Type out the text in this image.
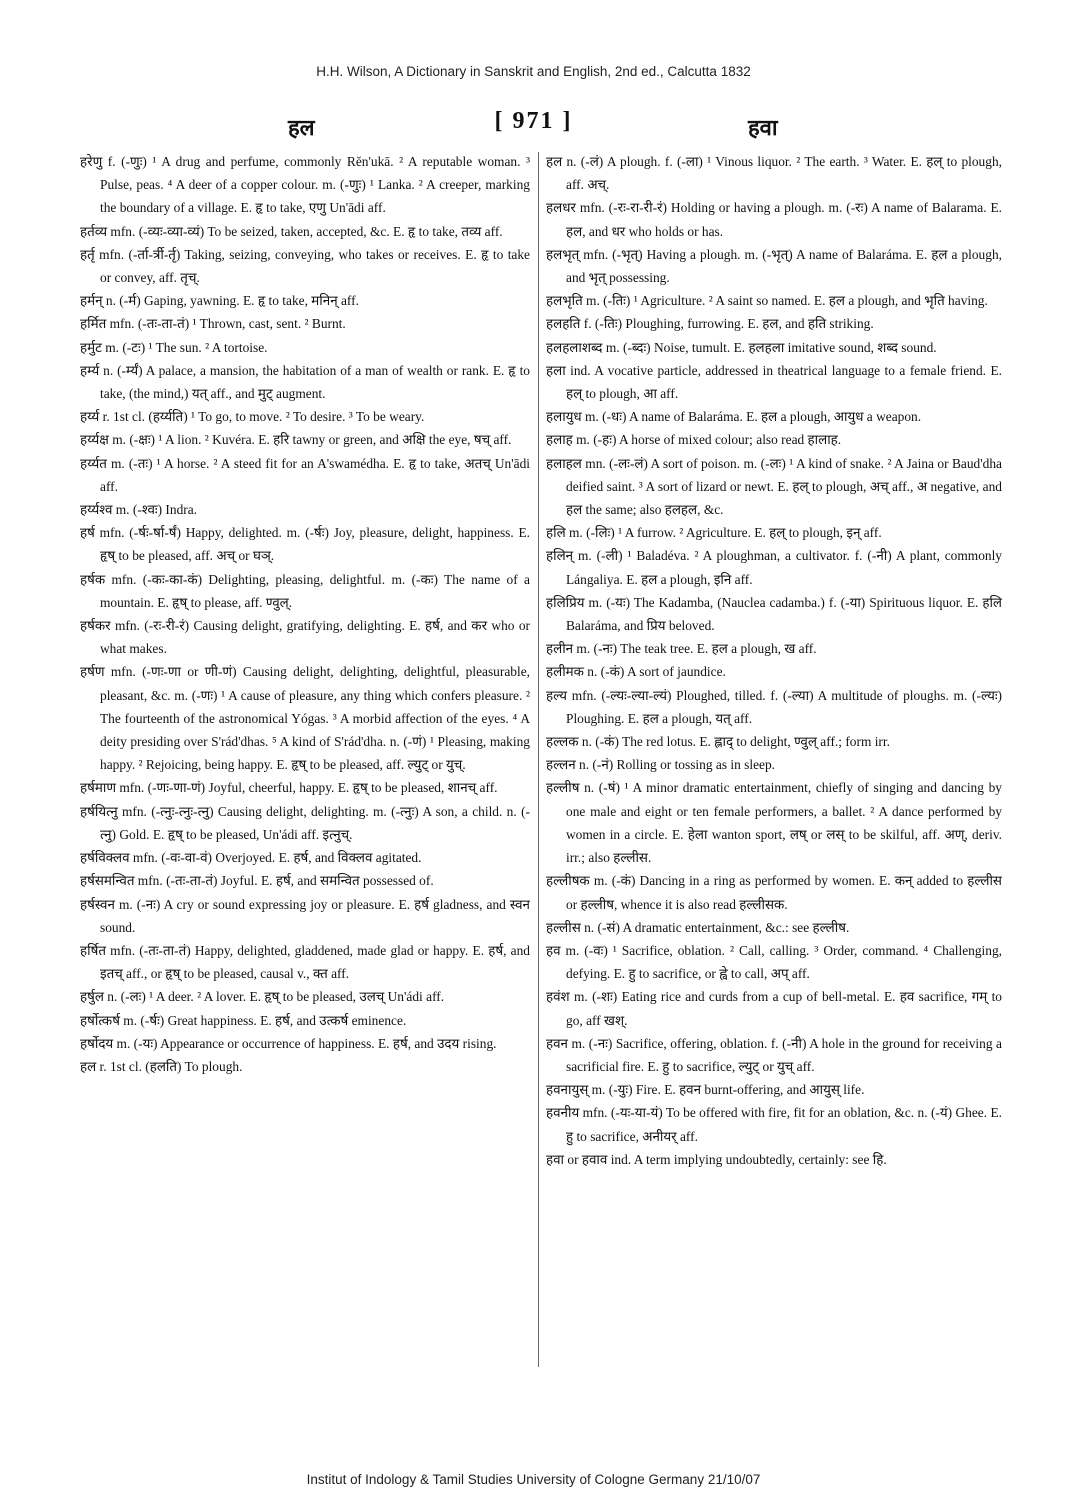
H.H. Wilson, A Dictionary in Sanskrit and English, 2nd ed., Calcutta 1832
हल	[ 971 ]	हवा

हरेणु f. (-णुः) ¹ A drug and perfume, commonly Rĕn'ukā. ² A reputable woman. ³ Pulse, peas. ⁴ A deer of a copper colour. m. (-णुः) ¹ Lanka. ² A creeper, marking the boundary of a village. E. हृ to take, एणु Un'ādi aff.

हर्तव्य mfn. (-व्यः-व्या-व्यं) To be seized, taken, accepted, &c. E. हृ to take, तव्य aff.

हर्तृ mfn. (-र्ता-र्त्री-र्तृ) Taking, seizing, conveying, who takes or receives. E. हृ to take or convey, aff. तृच्.

हर्मन् n. (-र्म) Gaping, yawning. E. हृ to take, मनिन् aff.

हर्मित mfn. (-तः-ता-तं) ¹ Thrown, cast, sent. ² Burnt.

हर्मुट m. (-टः) ¹ The sun. ² A tortoise.

हर्म्य n. (-र्म्यं) A palace, a mansion, the habitation of a man of wealth or rank. E. हृ to take, (the mind,) यत् aff., and मुट् augment.

हर्य्य r. 1st cl. (हर्य्यति) ¹ To go, to move. ² To desire. ³ To be weary.

हर्य्यक्ष m. (-क्षः) ¹ A lion. ² Kuvéra. E. हरि tawny or green, and अक्षि the eye, षच् aff.

हर्य्यत m. (-तः) ¹ A horse. ² A steed fit for an A'swamédha. E. हृ to take, अतच् Un'ādi aff.

हर्य्यश्व m. (-श्वः) Indra.

हर्ष mfn. (-र्षः-र्षा-र्षं) Happy, delighted. m. (-र्षः) Joy, pleasure, delight, happiness. E. हृष् to be pleased, aff. अच् or घञ्.

हर्षक mfn. (-कः-का-कं) Delighting, pleasing, delightful. m. (-कः) The name of a mountain. E. हृष् to please, aff. ण्वुल्.

हर्षकर mfn. (-रः-री-रं) Causing delight, gratifying, delighting. E. हर्ष, and कर who or what makes.

हर्षण mfn. (-णः-णा or णी-णं) Causing delight, delighting, delightful, pleasurable, pleasant, &c. m. (-णः) ¹ A cause of pleasure, any thing which confers pleasure. ² The fourteenth of the astronomical Yógas. ³ A morbid affection of the eyes. ⁴ A deity presiding over S'rád'dhas. ⁵ A kind of S'rád'dha. n. (-णं) ¹ Pleasing, making happy. ² Rejoicing, being happy. E. हृष् to be pleased, aff. ल्युट् or युच्.

हर्षमाण mfn. (-णः-णा-णं) Joyful, cheerful, happy. E. हृष् to be pleased, शानच् aff.

हर्षयित्नु mfn. (-त्नुः-त्नुः-त्नु) Causing delight, delighting. m. (-त्नुः) A son, a child. n. (-त्नु) Gold. E. हृष् to be pleased, Un'ádi aff. इत्नुच्.

हर्षविक्लव mfn. (-वः-वा-वं) Overjoyed. E. हर्ष, and विक्लव agitated.

हर्षसमन्वित mfn. (-तः-ता-तं) Joyful. E. हर्ष, and समन्वित possessed of.

हर्षस्वन m. (-नः) A cry or sound expressing joy or pleasure. E. हर्ष gladness, and स्वन sound.

हर्षित mfn. (-तः-ता-तं) Happy, delighted, gladdened, made glad or happy. E. हर्ष, and इतच् aff., or हृष् to be pleased, causal v., क्त aff.

हर्षुल n. (-लः) ¹ A deer. ² A lover. E. हृष् to be pleased, उलच् Un'ádi aff.

हर्षोत्कर्ष m. (-र्षः) Great happiness. E. हर्ष, and उत्कर्ष eminence.

हर्षोदय m. (-यः) Appearance or occurrence of happiness. E. हर्ष, and उदय rising.

हल r. 1st cl. (हलति) To plough.

हल n. (-लं) A plough. f. (-ला) ¹ Vinous liquor. ² The earth. ³ Water. E. हल् to plough, aff. अच्.

हलधर mfn. (-रः-रा-री-रं) Holding or having a plough. m. (-रः) A name of Balarama. E. हल, and धर who holds or has.

हलभृत् mfn. (-भृत्) Having a plough. m. (-भृत्) A name of Balaráma. E. हल a plough, and भृत् possessing.

हलभृति m. (-तिः) ¹ Agriculture. ² A saint so named. E. हल a plough, and भृति having.

हलहति f. (-तिः) Ploughing, furrowing. E. हल, and हति striking.

हलहलाशब्द m. (-ब्दः) Noise, tumult. E. हलहला imitative sound, शब्द sound.

हला ind. A vocative particle, addressed in theatrical language to a female friend. E. हल् to plough, आ aff.

हलायुध m. (-धः) A name of Balaráma. E. हल a plough, आयुध a weapon.

हलाह m. (-हः) A horse of mixed colour; also read हालाह.

हलाहल mn. (-लः-लं) A sort of poison. m. (-लः) ¹ A kind of snake. ² A Jaina or Baud'dha deified saint. ³ A sort of lizard or newt. E. हल् to plough, अच् aff., अ negative, and हल the same; also हलहल, &c.

हलि m. (-लिः) ¹ A furrow. ² Agriculture. E. हल् to plough, इन् aff.

हलिन् m. (-ली) ¹ Baladéva. ² A ploughman, a cultivator. f. (-नी) A plant, commonly Lángaliya. E. हल a plough, इनि aff.

हलिप्रिय m. (-यः) The Kadamba, (Nauclea cadamba.) f. (-या) Spirituous liquor. E. हलि Balaráma, and प्रिय beloved.

हलीन m. (-नः) The teak tree. E. हल a plough, ख aff.

हलीमक n. (-कं) A sort of jaundice.

हल्य mfn. (-ल्यः-ल्या-ल्यं) Ploughed, tilled. f. (-ल्या) A multitude of ploughs. m. (-ल्यः) Ploughing. E. हल a plough, यत् aff.

हल्लक n. (-कं) The red lotus. E. ह्लाद् to delight, ण्वुल् aff.; form irr.

हल्लन n. (-नं) Rolling or tossing as in sleep.

हल्लीष n. (-षं) ¹ A minor dramatic entertainment, chiefly of singing and dancing by one male and eight or ten female performers, a ballet. ² A dance performed by women in a circle. E. हेला wanton sport, लष् or लस् to be skilful, aff. अण्, deriv. irr.; also हल्लीस.

हल्लीषक m. (-कं) Dancing in a ring as performed by women. E. कन् added to हल्लीस or हल्लीष, whence it is also read हल्लीसक.

हल्लीस n. (-सं) A dramatic entertainment, &c.: see हल्लीष.

हव m. (-वः) ¹ Sacrifice, oblation. ² Call, calling. ³ Order, command. ⁴ Challenging, defying. E. हु to sacrifice, or ह्वे to call, अप् aff.

हवंश m. (-शः) Eating rice and curds from a cup of bell-metal. E. हव sacrifice, गम् to go, aff खश्.

हवन m. (-नः) Sacrifice, offering, oblation. f. (-नी) A hole in the ground for receiving a sacrificial fire. E. हु to sacrifice, ल्युट् or युच् aff.

हवनायुस् m. (-युः) Fire. E. हवन burnt-offering, and आयुस् life.

हवनीय mfn. (-यः-या-यं) To be offered with fire, fit for an oblation, &c. n. (-यं) Ghee. E. हु to sacrifice, अनीयर् aff.

हवा or हवाव ind. A term implying undoubtedly, certainly: see हि.

Institut of Indology & Tamil Studies University of Cologne Germany 21/10/07
